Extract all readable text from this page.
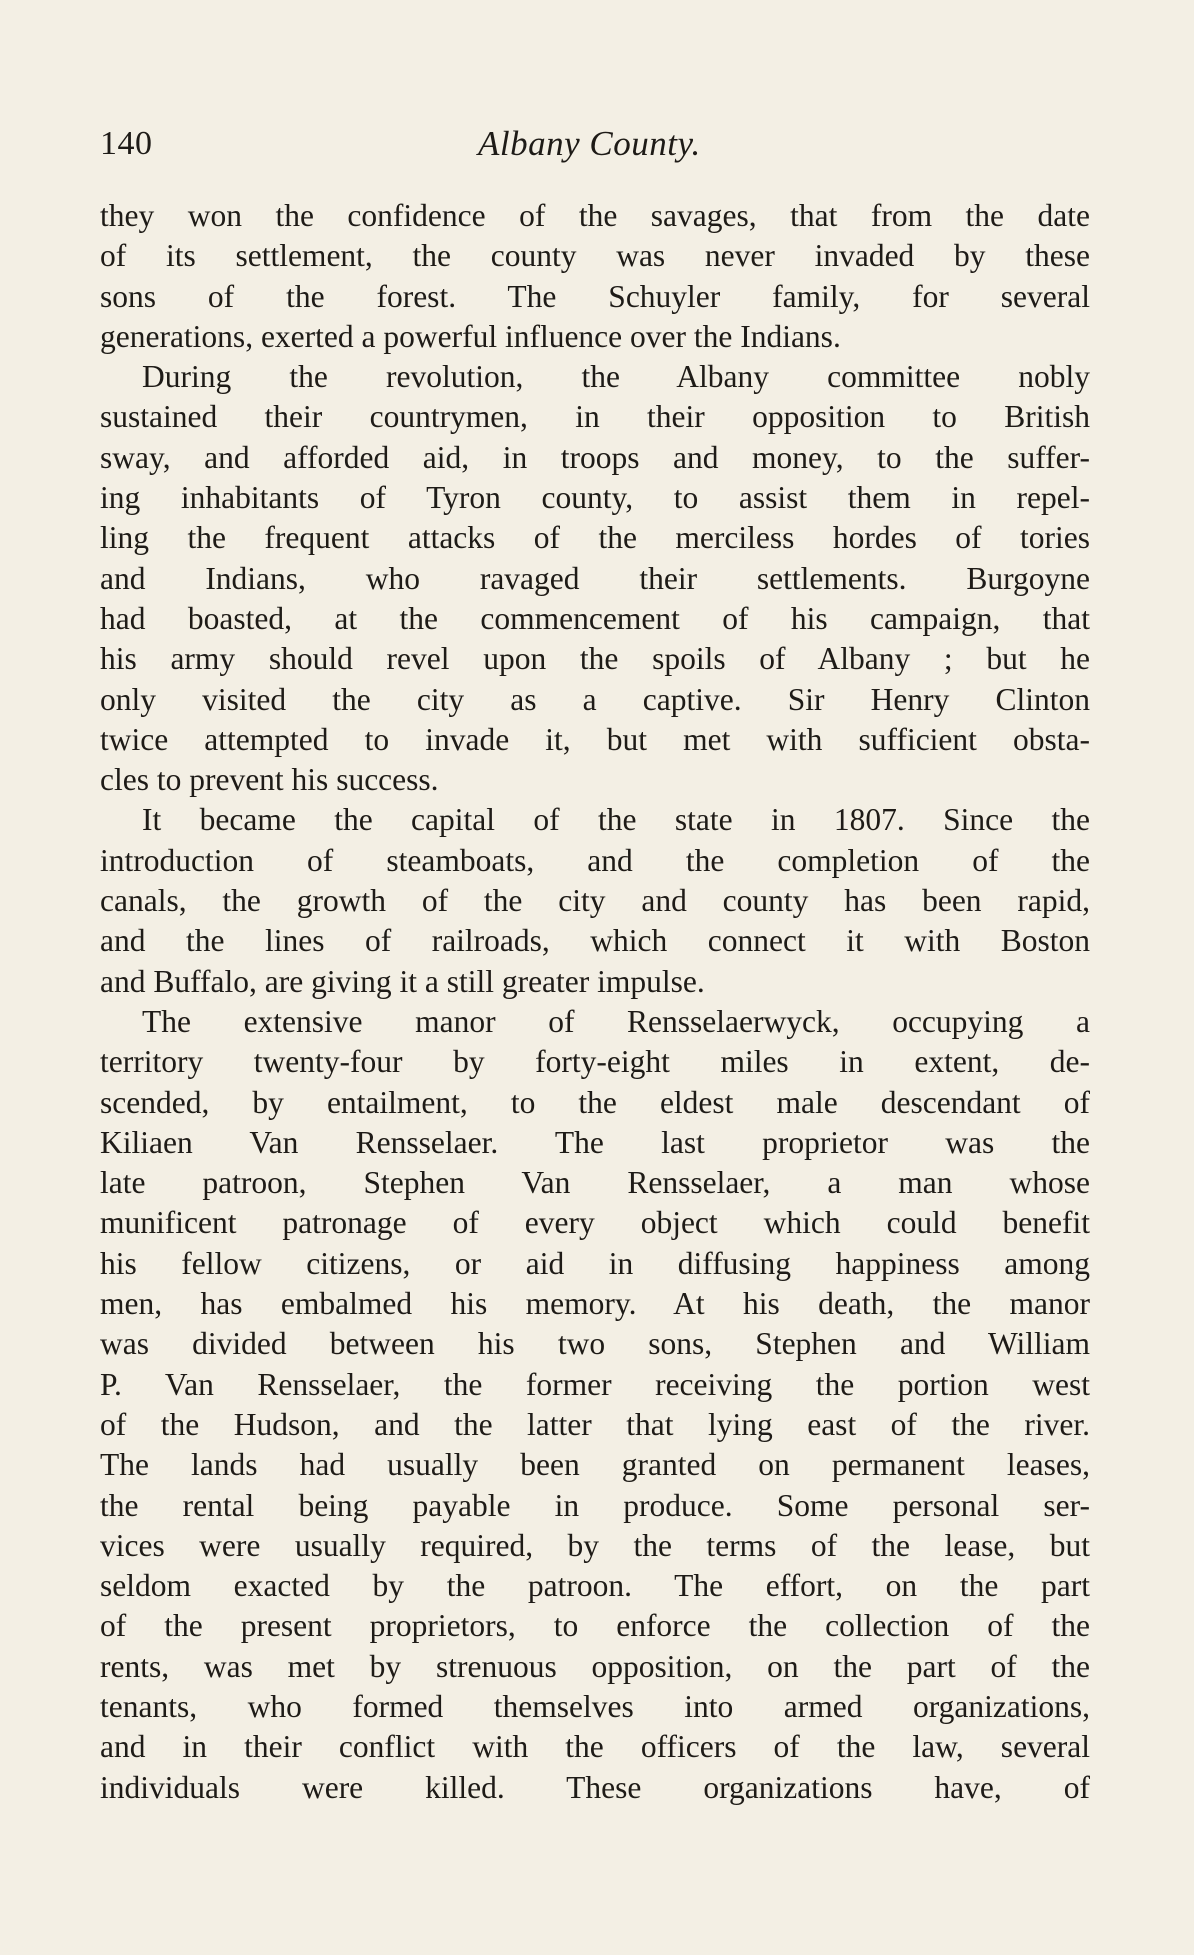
140	Albany County.
they won the confidence of the savages, that from the date
of its settlement, the county was never invaded by these
sons of the forest. The Schuyler family, for several
generations, exerted a powerful influence over the Indians.
During the revolution, the Albany committee nobly
sustained their countrymen, in their opposition to British
sway, and afforded aid, in troops and money, to the suffer-
ing inhabitants of Tyron county, to assist them in repel-
ling the frequent attacks of the merciless hordes of tories
and Indians, who ravaged their settlements. Burgoyne
had boasted, at the commencement of his campaign, that
his army should revel upon the spoils of Albany ; but he
only visited the city as a captive. Sir Henry Clinton
twice attempted to invade it, but met with sufficient obsta-
cles to prevent his success.
It became the capital of the state in 1807. Since the
introduction of steamboats, and the completion of the
canals, the growth of the city and county has been rapid,
and the lines of railroads, which connect it with Boston
and Buffalo, are giving it a still greater impulse.
The extensive manor of Rensselaerwyck, occupying a
territory twenty-four by forty-eight miles in extent, de-
scended, by entailment, to the eldest male descendant of
Kiliaen Van Rensselaer. The last proprietor was the
late patroon, Stephen Van Rensselaer, a man whose
munificent patronage of every object which could benefit
his fellow citizens, or aid in diffusing happiness among
men, has embalmed his memory. At his death, the manor
was divided between his two sons, Stephen and William
P. Van Rensselaer, the former receiving the portion west
of the Hudson, and the latter that lying east of the river.
The lands had usually been granted on permanent leases,
the rental being payable in produce. Some personal ser-
vices were usually required, by the terms of the lease, but
seldom exacted by the patroon. The effort, on the part
of the present proprietors, to enforce the collection of the
rents, was met by strenuous opposition, on the part of the
tenants, who formed themselves into armed organizations,
and in their conflict with the officers of the law, several
individuals were killed. These organizations have, of
